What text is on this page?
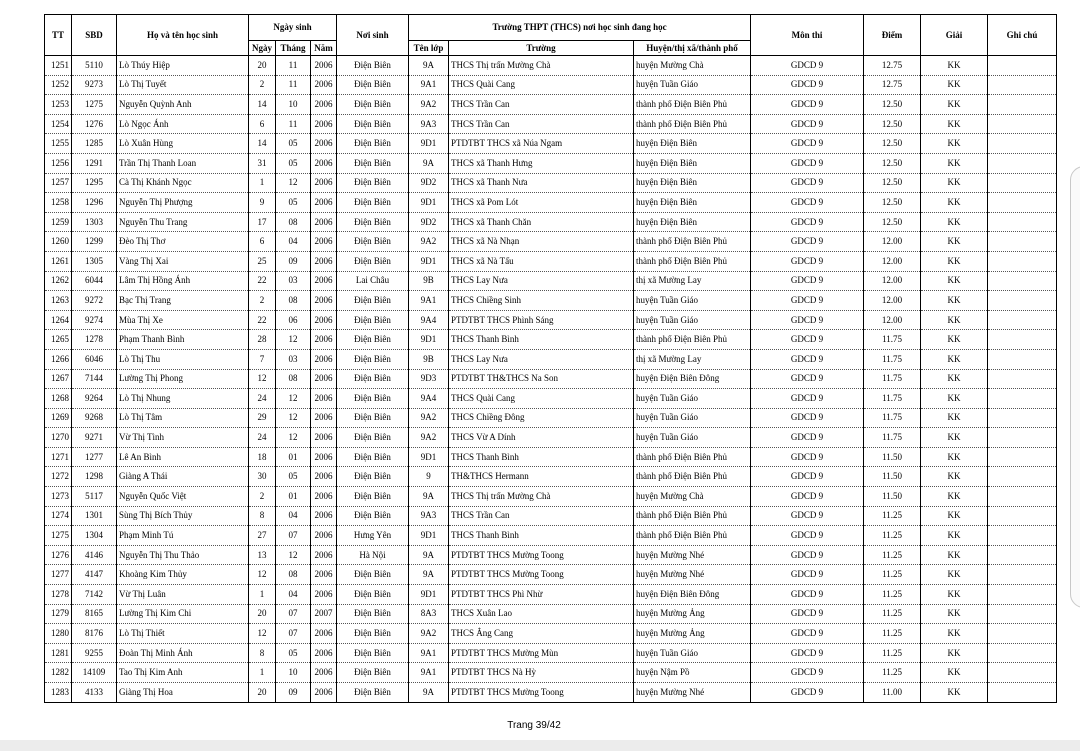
TT	SBD	Họ và tên học sinh	Ngày sinh			Nơi sinh	Trường THPT (THCS) nơi học sinh đang học			Môn thi	Điểm	Giải	Ghi chú
			Ngày	Tháng	Năm		Tên lớp	Trường	Huyện/thị xã/thành phố				
1251	5110	Lò Thúy Hiệp	20	11	2006	Điện Biên	9A	THCS Thị trấn Mường Chà	huyện Mường Chà	GDCD 9	12.75	KK	
1252	9273	Lò Thị Tuyết	2	11	2006	Điện Biên	9A1	THCS Quài Cang	huyện Tuần Giáo	GDCD 9	12.75	KK	
1253	1275	Nguyễn Quỳnh Anh	14	10	2006	Điện Biên	9A2	THCS Trần Can	thành phố Điện Biên Phủ	GDCD 9	12.50	KK	
1254	1276	Lò Ngọc Ánh	6	11	2006	Điện Biên	9A3	THCS Trần Can	thành phố Điện Biên Phủ	GDCD 9	12.50	KK	
1255	1285	Lò Xuân Hùng	14	05	2006	Điện Biên	9D1	PTDTBT THCS xã Núa Ngam	huyện Điện Biên	GDCD 9	12.50	KK	
1256	1291	Trần Thị Thanh Loan	31	05	2006	Điện Biên	9A	THCS xã Thanh Hưng	huyện Điện Biên	GDCD 9	12.50	KK	
1257	1295	Cà Thị Khánh Ngọc	1	12	2006	Điện Biên	9D2	THCS xã Thanh Nưa	huyện Điện Biên	GDCD 9	12.50	KK	
1258	1296	Nguyễn Thị Phượng	9	05	2006	Điện Biên	9D1	THCS xã Pom Lót	huyện Điện Biên	GDCD 9	12.50	KK	
1259	1303	Nguyễn Thu Trang	17	08	2006	Điện Biên	9D2	THCS xã Thanh Chăn	huyện Điện Biên	GDCD 9	12.50	KK	
1260	1299	Đèo Thị Thơ	6	04	2006	Điện Biên	9A2	THCS xã Nà Nhạn	thành phố Điện Biên Phủ	GDCD 9	12.00	KK	
1261	1305	Vàng Thị Xai	25	09	2006	Điện Biên	9D1	THCS xã Nà Tấu	thành phố Điện Biên Phủ	GDCD 9	12.00	KK	
1262	6044	Lâm Thị Hồng Ánh	22	03	2006	Lai Châu	9B	THCS Lay Nưa	thị xã Mường Lay	GDCD 9	12.00	KK	
1263	9272	Bạc Thị Trang	2	08	2006	Điện Biên	9A1	THCS Chiềng Sinh	huyện Tuần Giáo	GDCD 9	12.00	KK	
1264	9274	Mùa Thị Xe	22	06	2006	Điện Biên	9A4	PTDTBT THCS Phình Sáng	huyện Tuần Giáo	GDCD 9	12.00	KK	
1265	1278	Phạm Thanh Bình	28	12	2006	Điện Biên	9D1	THCS Thanh Bình	thành phố Điện Biên Phủ	GDCD 9	11.75	KK	
1266	6046	Lò Thị Thu	7	03	2006	Điện Biên	9B	THCS Lay Nưa	thị xã Mường Lay	GDCD 9	11.75	KK	
1267	7144	Lường Thị Phong	12	08	2006	Điện Biên	9D3	PTDTBT TH&THCS Na Son	huyện Điện Biên Đông	GDCD 9	11.75	KK	
1268	9264	Lò Thị Nhung	24	12	2006	Điện Biên	9A4	THCS Quài Cang	huyện Tuần Giáo	GDCD 9	11.75	KK	
1269	9268	Lò Thị Tâm	29	12	2006	Điện Biên	9A2	THCS Chiềng Đông	huyện Tuần Giáo	GDCD 9	11.75	KK	
1270	9271	Vừ Thị Tình	24	12	2006	Điện Biên	9A2	THCS Vừ A Dính	huyện Tuần Giáo	GDCD 9	11.75	KK	
1271	1277	Lê An Bình	18	01	2006	Điện Biên	9D1	THCS Thanh Bình	thành phố Điện Biên Phủ	GDCD 9	11.50	KK	
1272	1298	Giàng A Thái	30	05	2006	Điện Biên	9	TH&THCS Hermann	thành phố Điện Biên Phủ	GDCD 9	11.50	KK	
1273	5117	Nguyễn Quốc Việt	2	01	2006	Điện Biên	9A	THCS Thị trấn Mường Chà	huyện Mường Chà	GDCD 9	11.50	KK	
1274	1301	Sùng Thị Bích Thủy	8	04	2006	Điện Biên	9A3	THCS Trần Can	thành phố Điện Biên Phủ	GDCD 9	11.25	KK	
1275	1304	Phạm Minh Tú	27	07	2006	Hưng Yên	9D1	THCS Thanh Bình	thành phố Điện Biên Phủ	GDCD 9	11.25	KK	
1276	4146	Nguyễn Thị Thu Thảo	13	12	2006	Hà Nội	9A	PTDTBT THCS Mường Toong	huyện Mường Nhé	GDCD 9	11.25	KK	
1277	4147	Khoàng Kim Thủy	12	08	2006	Điện Biên	9A	PTDTBT THCS Mường Toong	huyện Mường Nhé	GDCD 9	11.25	KK	
1278	7142	Vừ Thị Luân	1	04	2006	Điện Biên	9D1	PTDTBT THCS Phì Nhừ	huyện Điện Biên Đông	GDCD 9	11.25	KK	
1279	8165	Lường Thị Kim Chi	20	07	2007	Điện Biên	8A3	THCS Xuân Lao	huyện Mường Ảng	GDCD 9	11.25	KK	
1280	8176	Lò Thị Thiết	12	07	2006	Điện Biên	9A2	THCS Ẳng Cang	huyện Mường Ảng	GDCD 9	11.25	KK	
1281	9255	Đoàn Thị Minh Ánh	8	05	2006	Điện Biên	9A1	PTDTBT THCS Mường Mùn	huyện Tuần Giáo	GDCD 9	11.25	KK	
1282	14109	Tao Thị Kim Anh	1	10	2006	Điện Biên	9A1	PTDTBT THCS Nà Hỳ	huyện Nậm Pồ	GDCD 9	11.25	KK	
1283	4133	Giàng Thị Hoa	20	09	2006	Điện Biên	9A	PTDTBT THCS Mường Toong	huyện Mường Nhé	GDCD 9	11.00	KK	
Trang 39/42
